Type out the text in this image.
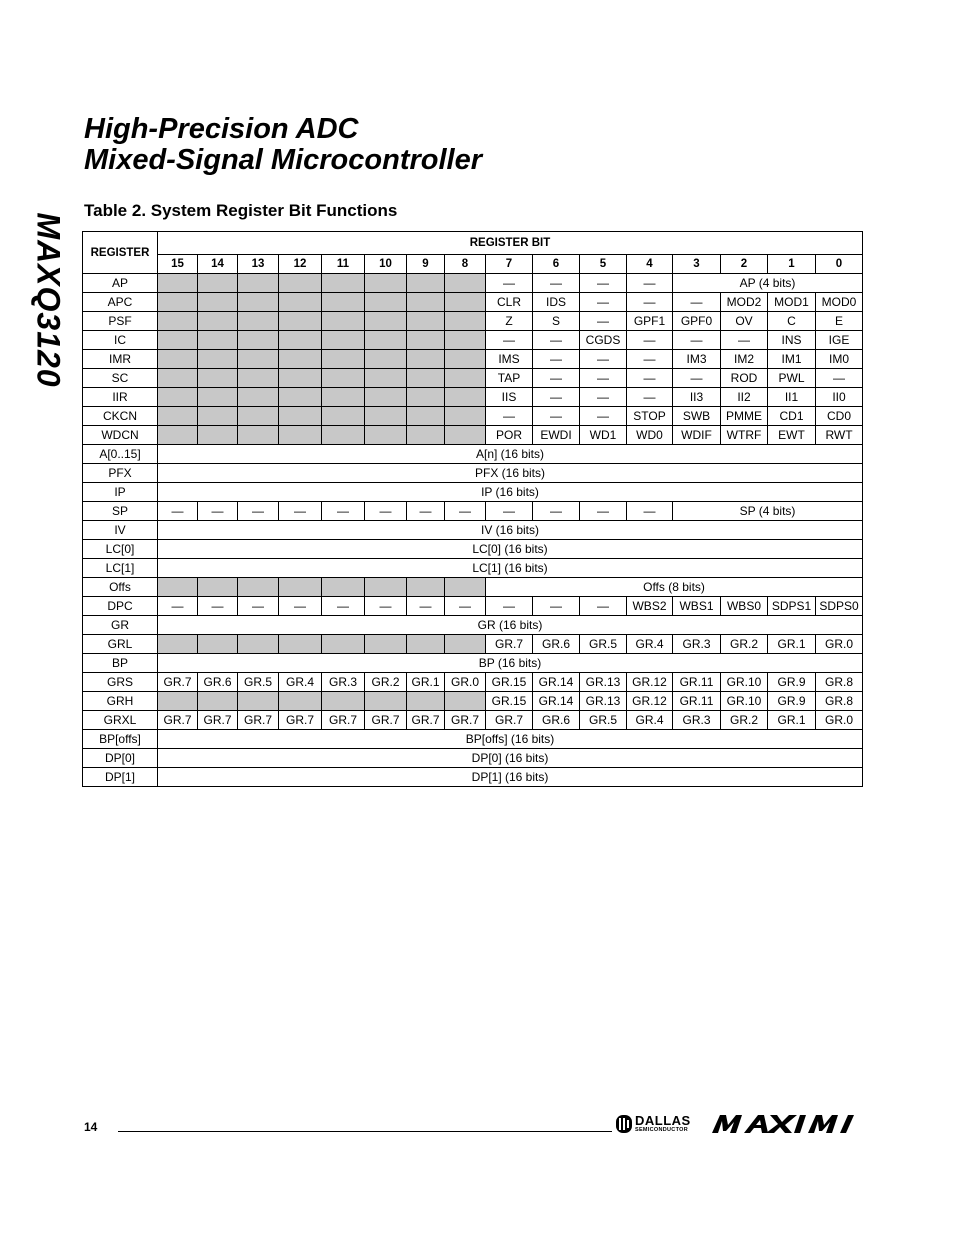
MAXQ3120
High-Precision ADC
Mixed-Signal Microcontroller
Table 2. System Register Bit Functions
REGISTER	REGISTER BIT															
	15	14	13	12	11	10	9	8	7	6	5	4	3	2	1	0
AP									—	—	—	—	AP (4 bits)			
APC									CLR	IDS	—	—	—	MOD2	MOD1	MOD0
PSF									Z	S	—	GPF1	GPF0	OV	C	E
IC									—	—	CGDS	—	—	—	INS	IGE
IMR									IMS	—	—	—	IM3	IM2	IM1	IM0
SC									TAP	—	—	—	—	ROD	PWL	—
IIR									IIS	—	—	—	II3	II2	II1	II0
CKCN									—	—	—	STOP	SWB	PMME	CD1	CD0
WDCN									POR	EWDI	WD1	WD0	WDIF	WTRF	EWT	RWT
A[0..15]	A[n] (16 bits)															
PFX	PFX (16 bits)															
IP	IP (16 bits)															
SP	—	—	—	—	—	—	—	—	—	—	—	—	SP (4 bits)			
IV	IV (16 bits)															
LC[0]	LC[0] (16 bits)															
LC[1]	LC[1] (16 bits)															
Offs									Offs (8 bits)							
DPC	—	—	—	—	—	—	—	—	—	—	—	WBS2	WBS1	WBS0	SDPS1	SDPS0
GR	GR (16 bits)															
GRL									GR.7	GR.6	GR.5	GR.4	GR.3	GR.2	GR.1	GR.0
BP	BP (16 bits)															
GRS	GR.7	GR.6	GR.5	GR.4	GR.3	GR.2	GR.1	GR.0	GR.15	GR.14	GR.13	GR.12	GR.11	GR.10	GR.9	GR.8
GRH									GR.15	GR.14	GR.13	GR.12	GR.11	GR.10	GR.9	GR.8
GRXL	GR.7	GR.7	GR.7	GR.7	GR.7	GR.7	GR.7	GR.7	GR.7	GR.6	GR.5	GR.4	GR.3	GR.2	GR.1	GR.0
BP[offs]	BP[offs] (16 bits)															
DP[0]	DP[0] (16 bits)															
DP[1]	DP[1] (16 bits)															
14	DALLAS
SEMICONDUCTOR
